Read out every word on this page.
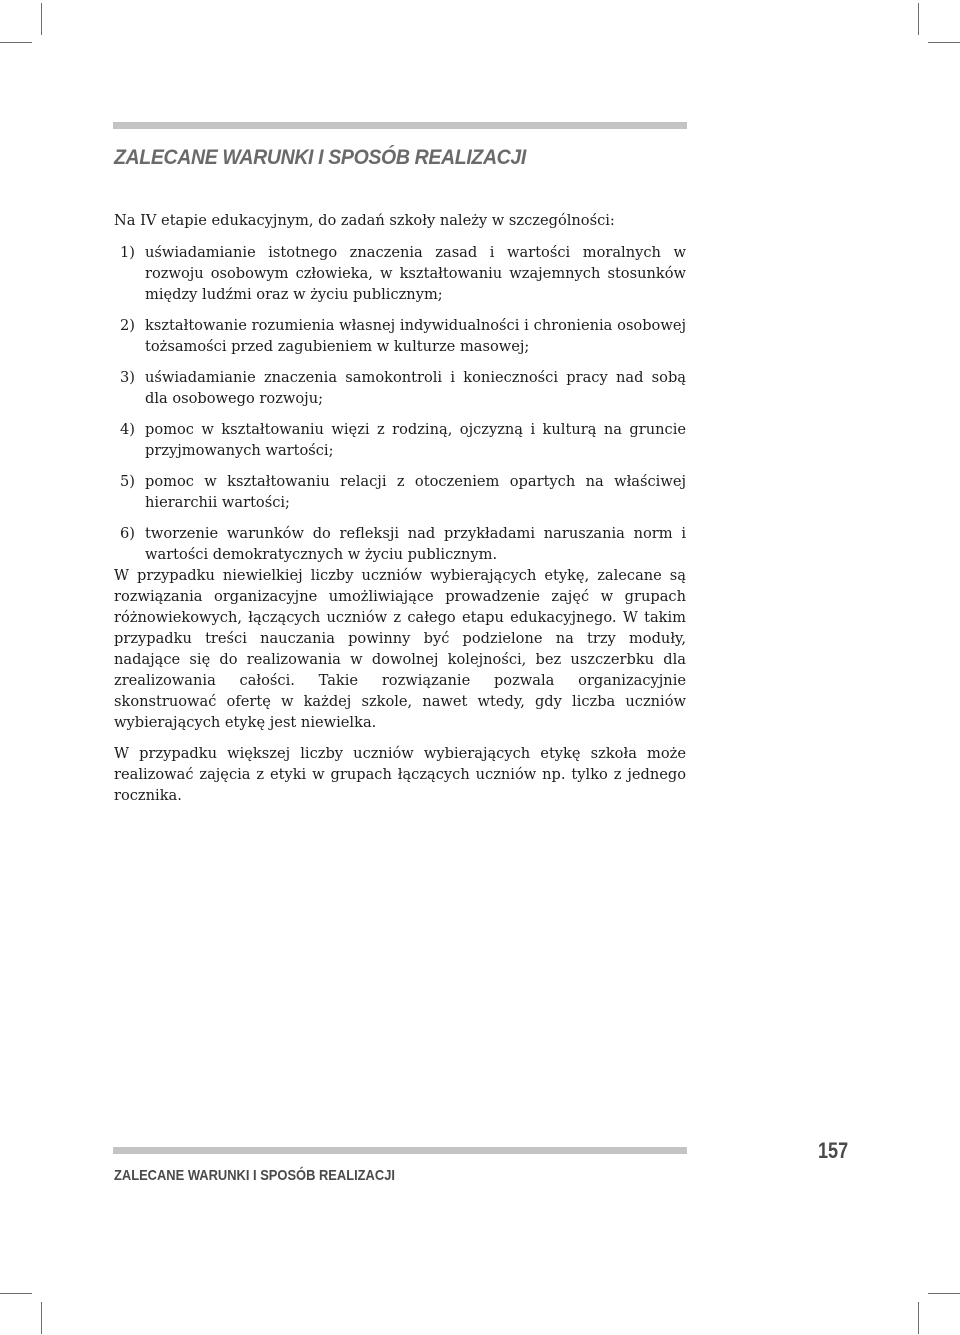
ZALECANE WARUNKI I SPOSÓB REALIZACJI

Na IV etapie edukacyjnym, do zadań szkoły należy w szczególności:

1) uświadamianie istotnego znaczenia zasad i wartości moralnych w rozwoju osobowym człowieka, w kształtowaniu wzajemnych stosunków między ludźmi oraz w życiu publicznym;
2) kształtowanie rozumienia własnej indywidualności i chronienia osobowej tożsamości przed zagubieniem w kulturze masowej;
3) uświadamianie znaczenia samokontroli i konieczności pracy nad sobą dla osobowego rozwoju;
4) pomoc w kształtowaniu więzi z rodziną, ojczyzną i kulturą na gruncie przyjmowanych wartości;
5) pomoc w kształtowaniu relacji z otoczeniem opartych na właściwej hierarchii wartości;
6) tworzenie warunków do refleksji nad przykładami naruszania norm i wartości demokratycznych w życiu publicznym.

W przypadku niewielkiej liczby uczniów wybierających etykę, zalecane są rozwiązania organizacyjne umożliwiające prowadzenie zajęć w grupach różnowiekowych, łączących uczniów z całego etapu edukacyjnego. W takim przypadku treści nauczania powinny być podzielone na trzy moduły, nadające się do realizowania w dowolnej kolejności, bez uszczerbku dla zrealizowania całości. Takie rozwiązanie pozwala organizacyjnie skonstruować ofertę w każdej szkole, nawet wtedy, gdy liczba uczniów wybierających etykę jest niewielka.

W przypadku większej liczby uczniów wybierających etykę szkoła może realizować zajęcia z etyki w grupach łączących uczniów np. tylko z jednego rocznika.

ZALECANE WARUNKI I SPOSÓB REALIZACJI
157
